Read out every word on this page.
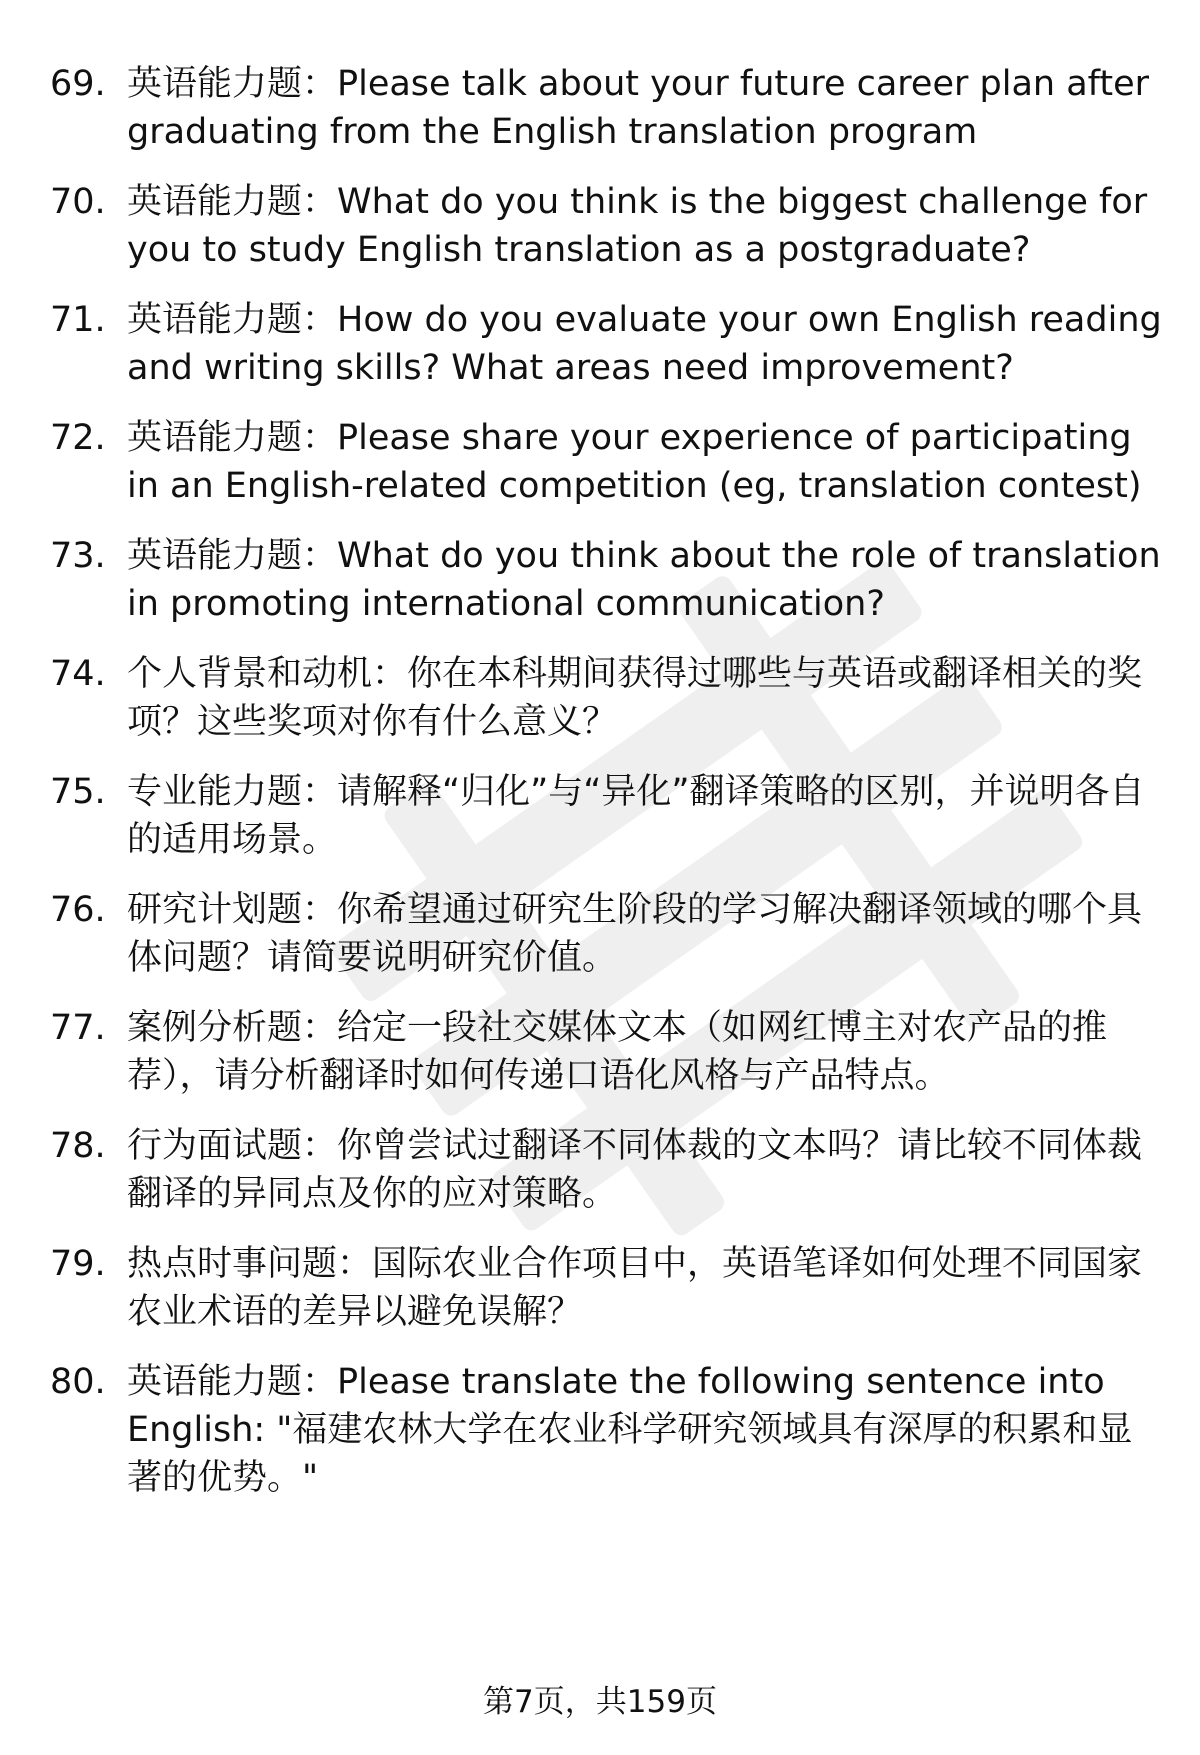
69. 英语能力题：Please talk about your future career plan after graduating from the English translation program
70. 英语能力题：What do you think is the biggest challenge for you to study English translation as a postgraduate?
71. 英语能力题：How do you evaluate your own English reading and writing skills? What areas need improvement?
72. 英语能力题：Please share your experience of participating in an English-related competition (eg, translation contest)
73. 英语能力题：What do you think about the role of translation in promoting international communication?
74. 个人背景和动机：你在本科期间获得过哪些与英语或翻译相关的奖项？这些奖项对你有什么意义？
75. 专业能力题：请解释“归化”与“异化”翻译策略的区别，并说明各自的适用场景。
76. 研究计划题：你希望通过研究生阶段的学习解决翻译领域的哪个具体问题？请简要说明研究价值。
77. 案例分析题：给定一段社交媒体文本（如网红博主对农产品的推荐），请分析翻译时如何传递口语化风格与产品特点。
78. 行为面试题：你曾尝试过翻译不同体裁的文本吗？请比较不同体裁翻译的异同点及你的应对策略。
79. 热点时事问题：国际农业合作项目中，英语笔译如何处理不同国家农业术语的差异以避免误解？
80. 英语能力题：Please translate the following sentence into English: "福建农林大学在农业科学研究领域具有深厚的积累和显著的优势。"
第7页，共159页
